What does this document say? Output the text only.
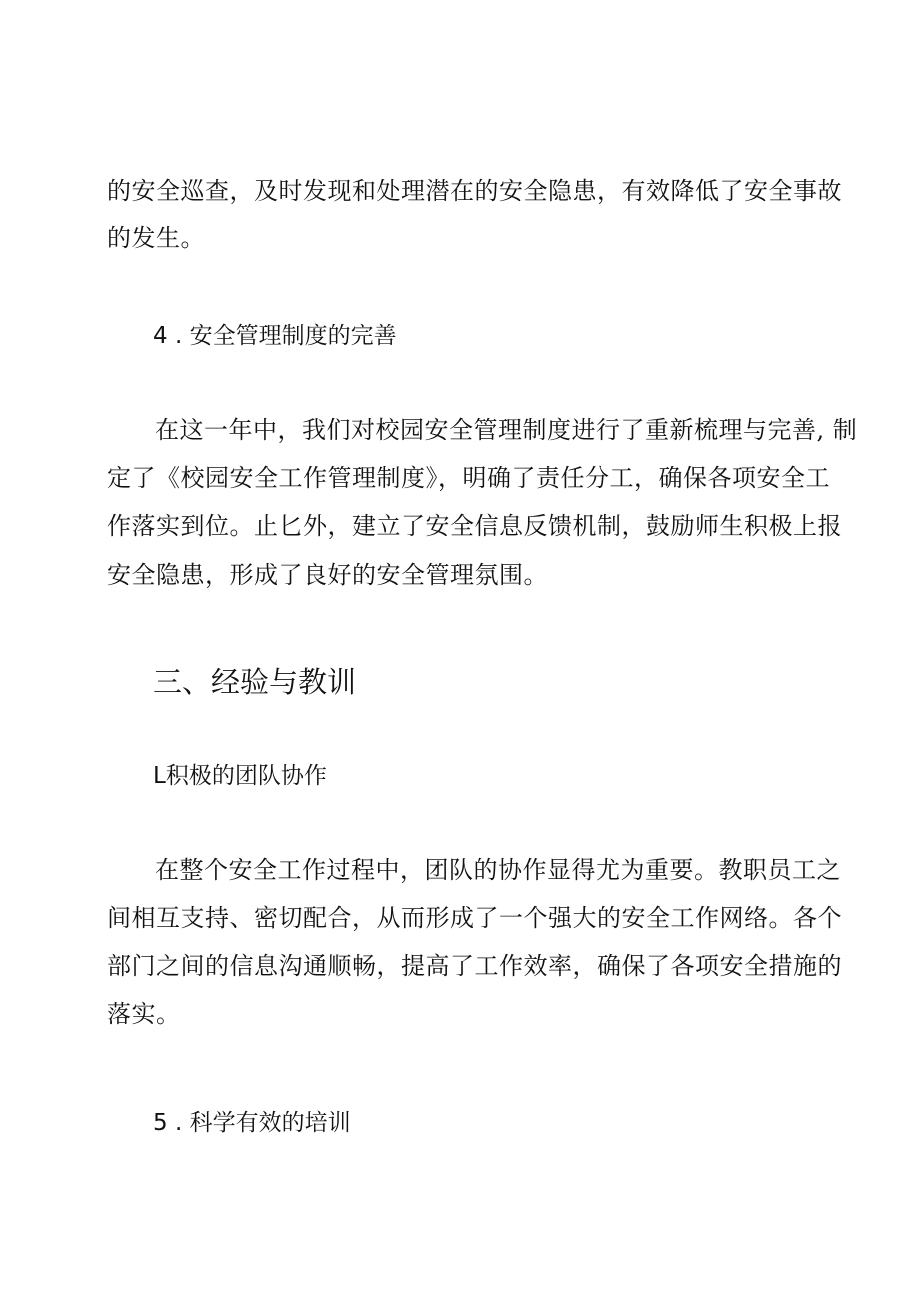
的安全巡查，及时发现和处理潜在的安全隐患，有效降低了安全事故
的发生。
4 . 安全管理制度的完善
在这一年中，我们对校园安全管理制度进行了重新梳理与完善, 制
定了《校园安全工作管理制度》，明确了责任分工，确保各项安全工
作落实到位。止匕外，建立了安全信息反馈机制，鼓励师生积极上报
安全隐患，形成了良好的安全管理氛围。
三、经验与教训
L积极的团队协作
在整个安全工作过程中，团队的协作显得尤为重要。教职员工之
间相互支持、密切配合，从而形成了一个强大的安全工作网络。各个
部门之间的信息沟通顺畅，提高了工作效率，确保了各项安全措施的
落实。
5 . 科学有效的培训
